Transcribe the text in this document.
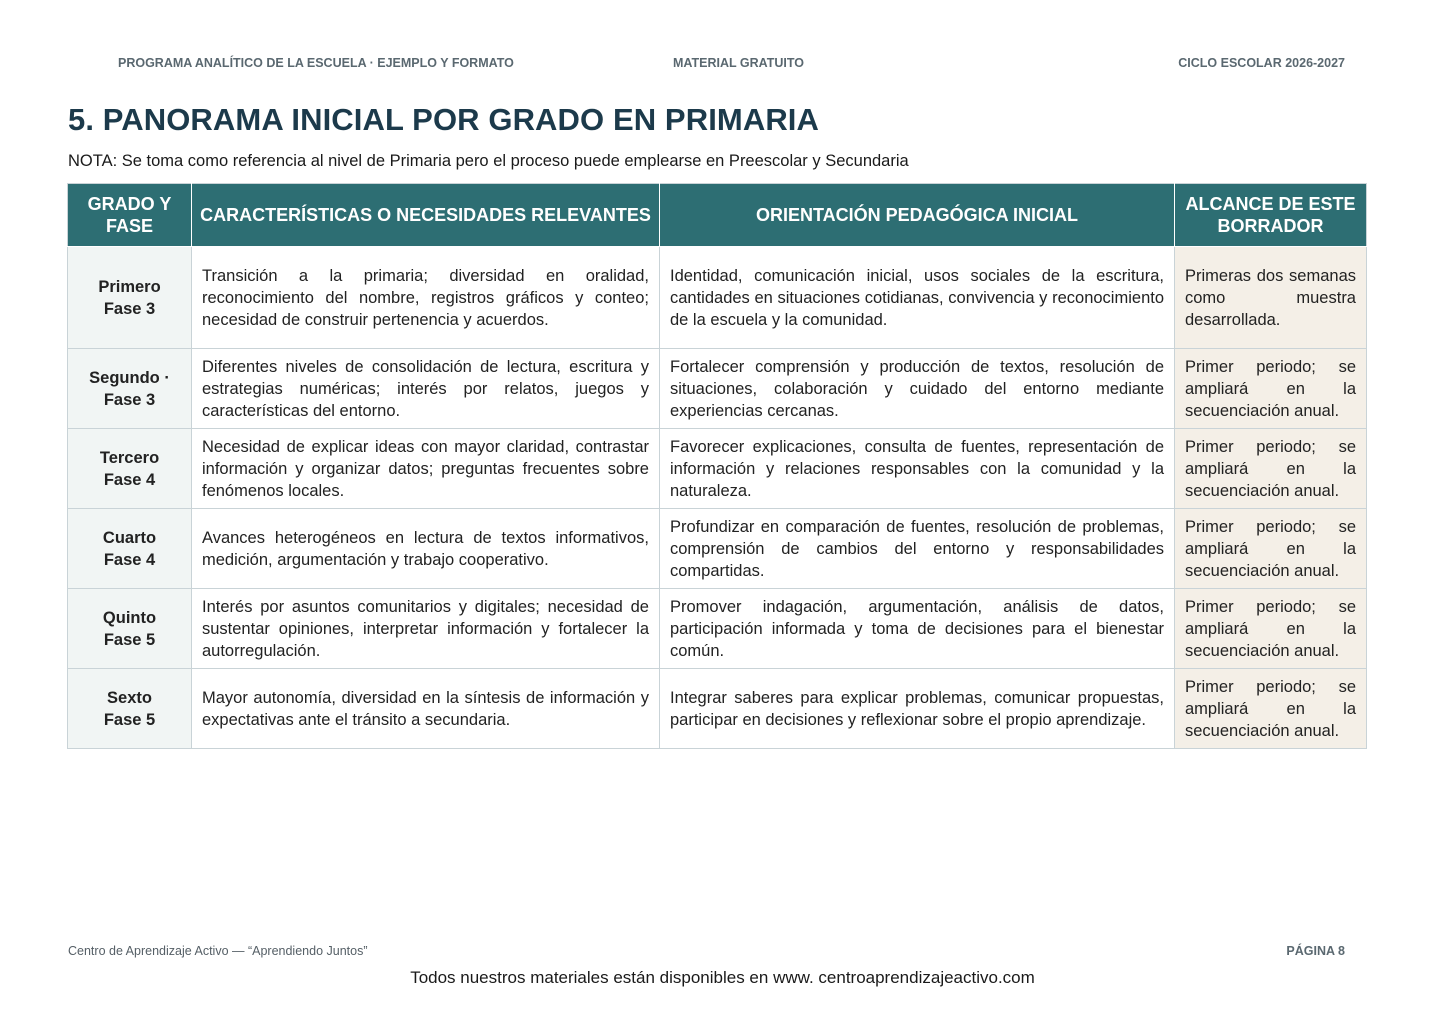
PROGRAMA ANALÍTICO DE LA ESCUELA · EJEMPLO Y FORMATO	MATERIAL GRATUITO	CICLO ESCOLAR 2026-2027
5. PANORAMA INICIAL POR GRADO EN PRIMARIA
NOTA: Se toma como referencia al nivel de Primaria pero el proceso puede emplearse en Preescolar y Secundaria
GRADO Y FASE	CARACTERÍSTICAS O NECESIDADES RELEVANTES	ORIENTACIÓN PEDAGÓGICA INICIAL	ALCANCE DE ESTE BORRADOR

Primero
Fase 3	Transición a la primaria; diversidad en oralidad, reconocimiento del nombre, registros gráficos y conteo; necesidad de construir pertenencia y acuerdos.	Identidad, comunicación inicial, usos sociales de la escritura, cantidades en situaciones cotidianas, convivencia y reconocimiento de la escuela y la comunidad.	Primeras dos semanas como muestra desarrollada.

Segundo ·
Fase 3	Diferentes niveles de consolidación de lectura, escritura y estrategias numéricas; interés por relatos, juegos y características del entorno.	Fortalecer comprensión y producción de textos, resolución de situaciones, colaboración y cuidado del entorno mediante experiencias cercanas.	Primer periodo; se ampliará en la secuenciación anual.

Tercero
Fase 4	Necesidad de explicar ideas con mayor claridad, contrastar información y organizar datos; preguntas frecuentes sobre fenómenos locales.	Favorecer explicaciones, consulta de fuentes, representación de información y relaciones responsables con la comunidad y la naturaleza.	Primer periodo; se ampliará en la secuenciación anual.

Cuarto
Fase 4	Avances heterogéneos en lectura de textos informativos, medición, argumentación y trabajo cooperativo.	Profundizar en comparación de fuentes, resolución de problemas, comprensión de cambios del entorno y responsabilidades compartidas.	Primer periodo; se ampliará en la secuenciación anual.

Quinto
Fase 5	Interés por asuntos comunitarios y digitales; necesidad de sustentar opiniones, interpretar información y fortalecer la autorregulación.	Promover indagación, argumentación, análisis de datos, participación informada y toma de decisiones para el bienestar común.	Primer periodo; se ampliará en la secuenciación anual.

Sexto
Fase 5	Mayor autonomía, diversidad en la síntesis de información y expectativas ante el tránsito a secundaria.	Integrar saberes para explicar problemas, comunicar propuestas, participar en decisiones y reflexionar sobre el propio aprendizaje.	Primer periodo; se ampliará en la secuenciación anual.
Centro de Aprendizaje Activo — “Aprendiendo Juntos”	PÁGINA 8
Todos nuestros materiales están disponibles en www. centroaprendizajeactivo.com
